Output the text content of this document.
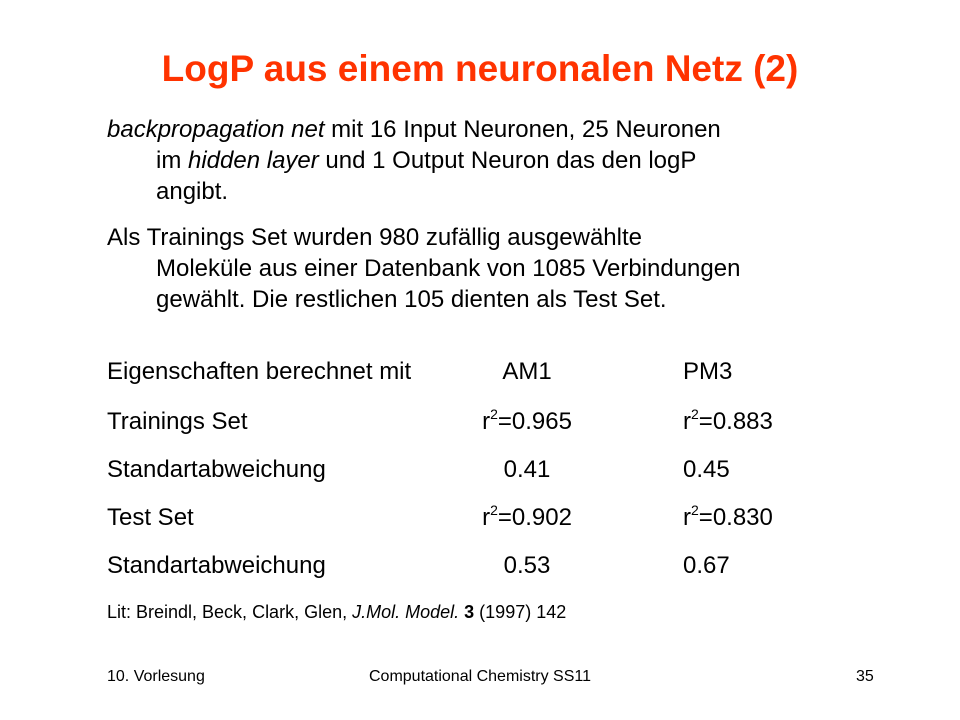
LogP aus einem neuronalen Netz (2)
backpropagation net mit 16 Input Neuronen, 25 Neuronen
im hidden layer und 1 Output Neuron das den logP
angibt.
Als Trainings Set wurden 980 zufällig ausgewählte
Moleküle aus einer Datenbank von 1085 Verbindungen
gewählt. Die restlichen 105 dienten als Test Set.
Eigenschaften berechnet mit	AM1	PM3
Trainings Set	$r^2=0.965$	$r^2=0.883$
Standartabweichung	0.41	0.45
Test Set	$r^2=0.902$	$r^2=0.830$
Standartabweichung	0.53	0.67
Lit: Breindl, Beck, Clark, Glen, J.Mol. Model. 3 (1997) 142
10. Vorlesung	Computational Chemistry SS11	35
